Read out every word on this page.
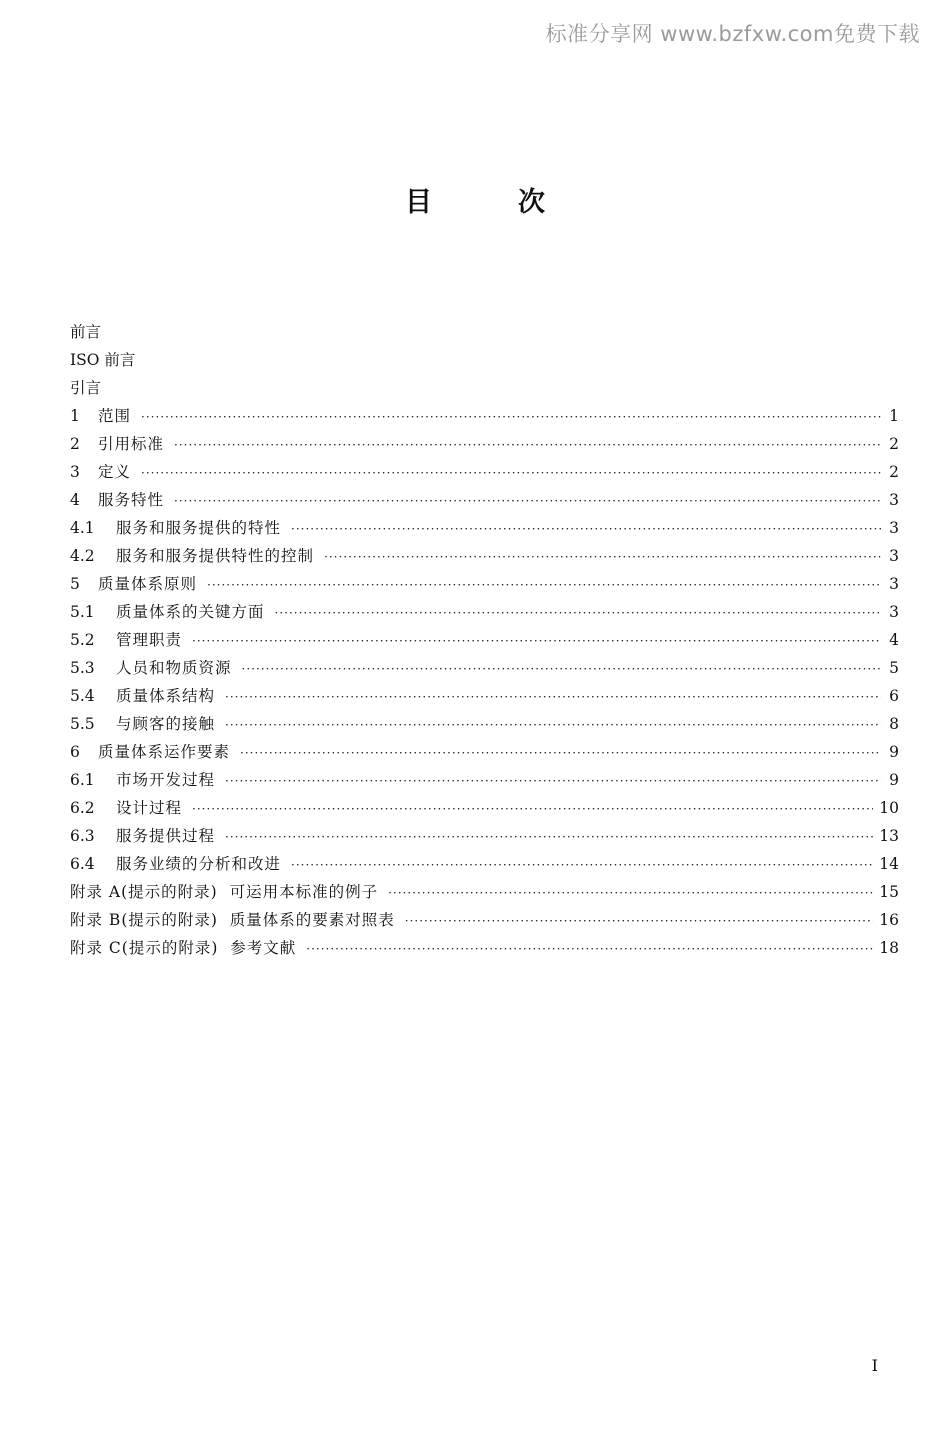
标准分享网 www.bzfxw.com免费下载
目次
前言
ISO 前言
引言
1	范围 ·····	1
2	引用标准 ·····	2
3	定义 ·····	2
4	服务特性 ·····	3
4.1	服务和服务提供的特性 ·····	3
4.2	服务和服务提供特性的控制 ·····	3
5	质量体系原则 ·····	3
5.1	质量体系的关键方面 ·····	3
5.2	管理职责 ·····	4
5.3	人员和物质资源 ·····	5
5.4	质量体系结构 ·····	6
5.5	与顾客的接触 ·····	8
6	质量体系运作要素 ·····	9
6.1	市场开发过程 ·····	9
6.2	设计过程 ·····	10
6.3	服务提供过程 ·····	13
6.4	服务业绩的分析和改进 ·····	14
附录 A(提示的附录)  可运用本标准的例子 ·····	15
附录 B(提示的附录)  质量体系的要素对照表 ·····	16
附录 C(提示的附录)  参考文献 ·····	18
I
